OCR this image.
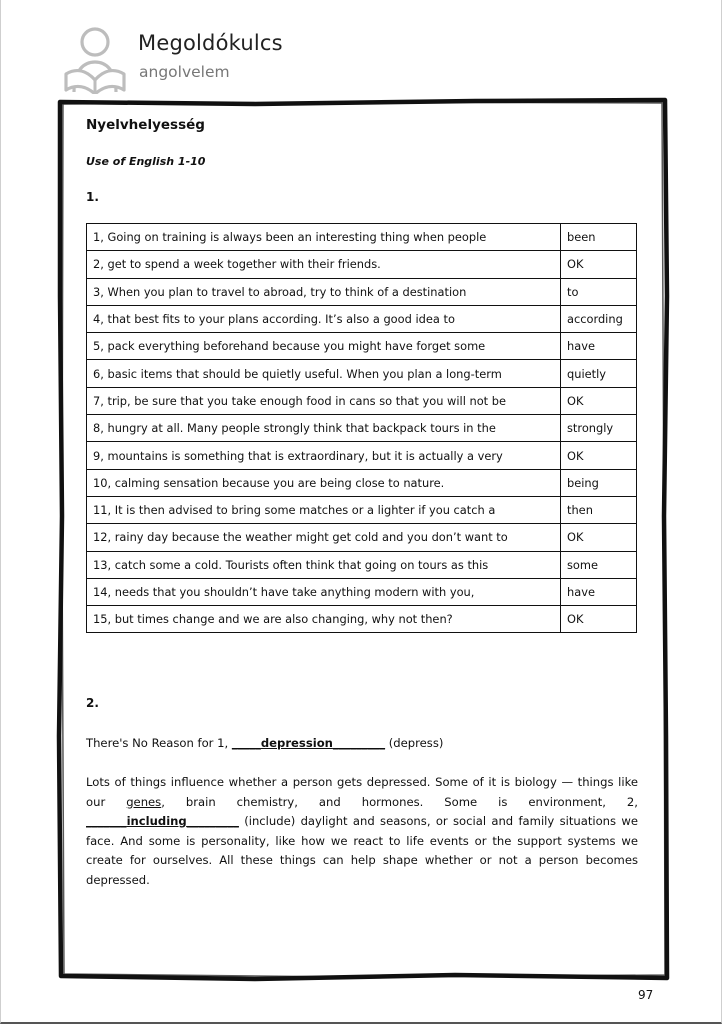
Megoldókulcs
angolvelem
Nyelvhelyesség
Use of English 1-10
1.
1, Going on training is always been an interesting thing when people	been
2, get to spend a week together with their friends.	OK
3, When you plan to travel to abroad, try to think of a destination	to
4, that best fits to your plans according. It’s also a good idea to	according
5, pack everything beforehand because you might have forget some	have
6, basic items that should be quietly useful. When you plan a long-term	quietly
7, trip, be sure that you take enough food in cans so that you will not be	OK
8, hungry at all. Many people strongly think that backpack tours in the	strongly
9, mountains is something that is extraordinary, but it is actually a very	OK
10, calming sensation because you are being close to nature.	being
11, It is then advised to bring some matches or a lighter if you catch a	then
12, rainy day because the weather might get cold and you don’t want to	OK
13, catch some a cold. Tourists often think that going on tours as this	some
14, needs that you shouldn’t have take anything modern with you,	have
15, but times change and we are also changing, why not then?	OK
2.
There's No Reason for 1, _____depression_________ (depress)
Lots of things influence whether a person gets depressed. Some of it is biology — things like our genes, brain chemistry, and hormones. Some is environment, 2, _______including_________ (include) daylight and seasons, or social and family situations we face. And some is personality, like how we react to life events or the support systems we create for ourselves. All these things can help shape whether or not a person becomes depressed.
97
